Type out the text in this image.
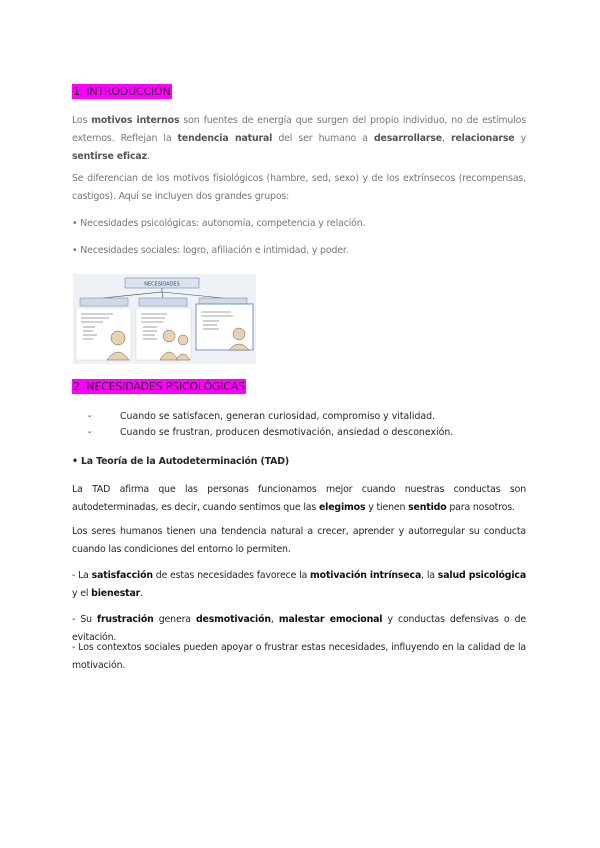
1. INTRODUCCIÓN
Los motivos internos son fuentes de energía que surgen del propio individuo, no de estímulos externos. Reflejan la tendencia natural del ser humano a desarrollarse, relacionarse y sentirse eficaz.
Se diferencian de los motivos fisiológicos (hambre, sed, sexo) y de los extrínsecos (recompensas, castigos). Aquí se incluyen dos grandes grupos:
• Necesidades psicológicas: autonomía, competencia y relación.
• Necesidades sociales: logro, afiliación e intimidad, y poder.
NECESIDADES
2. NECESIDADES PSICOLÓGICAS
-	Cuando se satisfacen, generan curiosidad, compromiso y vitalidad.
-	Cuando se frustran, producen desmotivación, ansiedad o desconexión.
• La Teoría de la Autodeterminación (TAD)
La TAD afirma que las personas funcionamos mejor cuando nuestras conductas son autodeterminadas, es decir, cuando sentimos que las elegimos y tienen sentido para nosotros.
Los seres humanos tienen una tendencia natural a crecer, aprender y autorregular su conducta cuando las condiciones del entorno lo permiten.
- La satisfacción de estas necesidades favorece la motivación intrínseca, la salud psicológica y el bienestar.
- Su frustración genera desmotivación, malestar emocional y conductas defensivas o de evitación.
- Los contextos sociales pueden apoyar o frustrar estas necesidades, influyendo en la calidad de la motivación.
